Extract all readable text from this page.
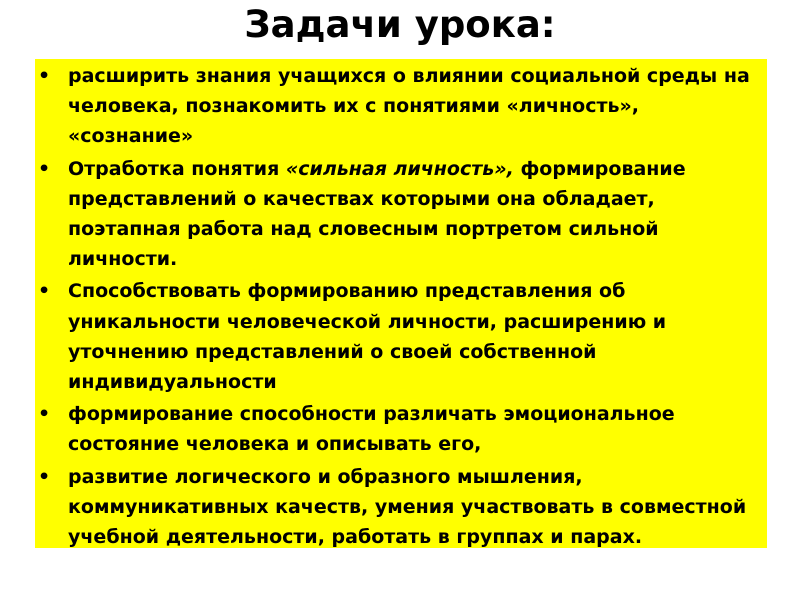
Задачи урока:
• расширить знания учащихся о влиянии социальной среды на человека, познакомить их с понятиями «личность», «сознание»
• Отработка понятия «сильная личность», формирование представлений о качествах которыми она обладает, поэтапная работа над словесным портретом сильной личности.
• Способствовать формированию представления об уникальности человеческой личности, расширению и уточнению представлений о своей собственной индивидуальности
• формирование способности различать эмоциональное состояние человека и описывать его,
• развитие логического и образного мышления, коммуникативных качеств, умения участвовать в совместной учебной деятельности, работать в группах и парах.
